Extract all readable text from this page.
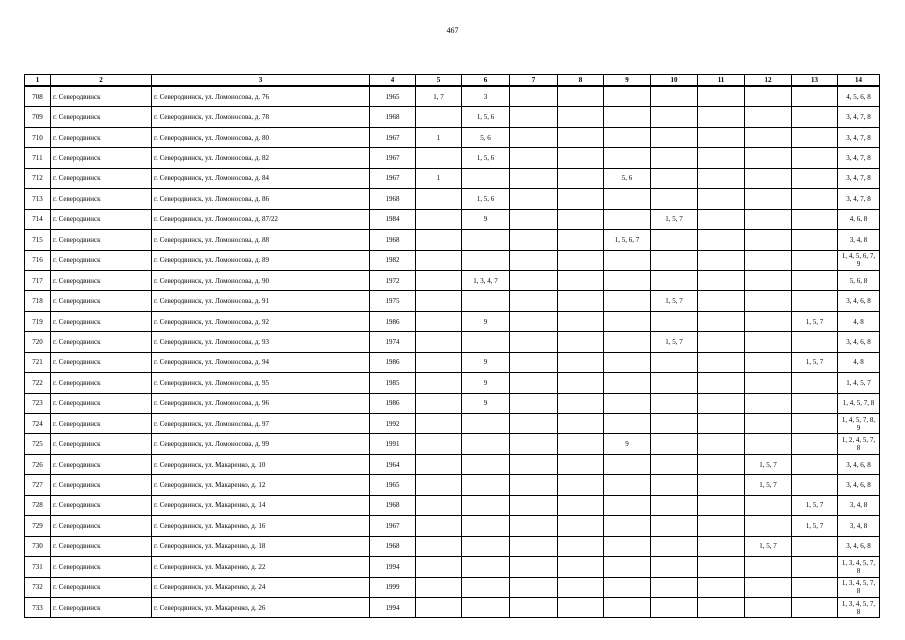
467
1	2	3	4	5	6	7	8	9	10	11	12	13	14
708	г. Северодвинск	г. Северодвинск, ул. Ломоносова, д. 76	1965	1, 7	3								4, 5, 6, 8
709	г. Северодвинск	г. Северодвинск, ул. Ломоносова, д. 78	1968		1, 5, 6								3, 4, 7, 8
710	г. Северодвинск	г. Северодвинск, ул. Ломоносова, д. 80	1967	1	5, 6								3, 4, 7, 8
711	г. Северодвинск	г. Северодвинск, ул. Ломоносова, д. 82	1967		1, 5, 6								3, 4, 7, 8
712	г. Северодвинск	г. Северодвинск, ул. Ломоносова, д. 84	1967	1				5, 6					3, 4, 7, 8
713	г. Северодвинск	г. Северодвинск, ул. Ломоносова, д. 86	1968		1, 5, 6								3, 4, 7, 8
714	г. Северодвинск	г. Северодвинск, ул. Ломоносова, д. 87/22	1984		9				1, 5, 7				4, 6, 8
715	г. Северодвинск	г. Северодвинск, ул. Ломоносова, д. 88	1968					1, 5, 6, 7					3, 4, 8
716	г. Северодвинск	г. Северодвинск, ул. Ломоносова, д. 89	1982										1, 4, 5, 6, 7, 9
717	г. Северодвинск	г. Северодвинск, ул. Ломоносова, д. 90	1972		1, 3, 4, 7								5, 6, 8
718	г. Северодвинск	г. Северодвинск, ул. Ломоносова, д. 91	1975						1, 5, 7				3, 4, 6, 8
719	г. Северодвинск	г. Северодвинск, ул. Ломоносова, д. 92	1986		9							1, 5, 7	4, 8
720	г. Северодвинск	г. Северодвинск, ул. Ломоносова, д. 93	1974						1, 5, 7				3, 4, 6, 8
721	г. Северодвинск	г. Северодвинск, ул. Ломоносова, д. 94	1986		9							1, 5, 7	4, 8
722	г. Северодвинск	г. Северодвинск, ул. Ломоносова, д. 95	1985		9								1, 4, 5, 7
723	г. Северодвинск	г. Северодвинск, ул. Ломоносова, д. 96	1986		9								1, 4, 5, 7, 8
724	г. Северодвинск	г. Северодвинск, ул. Ломоносова, д. 97	1992										1, 4, 5, 7, 8, 9
725	г. Северодвинск	г. Северодвинск, ул. Ломоносова, д. 99	1991					9					1, 2, 4, 5, 7, 8
726	г. Северодвинск	г. Северодвинск, ул. Макаренко, д. 10	1964								1, 5, 7		3, 4, 6, 8
727	г. Северодвинск	г. Северодвинск, ул. Макаренко, д. 12	1965								1, 5, 7		3, 4, 6, 8
728	г. Северодвинск	г. Северодвинск, ул. Макаренко, д. 14	1968									1, 5, 7	3, 4, 8
729	г. Северодвинск	г. Северодвинск, ул. Макаренко, д. 16	1967									1, 5, 7	3, 4, 8
730	г. Северодвинск	г. Северодвинск, ул. Макаренко, д. 18	1968								1, 5, 7		3, 4, 6, 8
731	г. Северодвинск	г. Северодвинск, ул. Макаренко, д. 22	1994										1, 3, 4, 5, 7, 8
732	г. Северодвинск	г. Северодвинск, ул. Макаренко, д. 24	1999										1, 3, 4, 5, 7, 8
733	г. Северодвинск	г. Северодвинск, ул. Макаренко, д. 26	1994										1, 3, 4, 5, 7, 8
